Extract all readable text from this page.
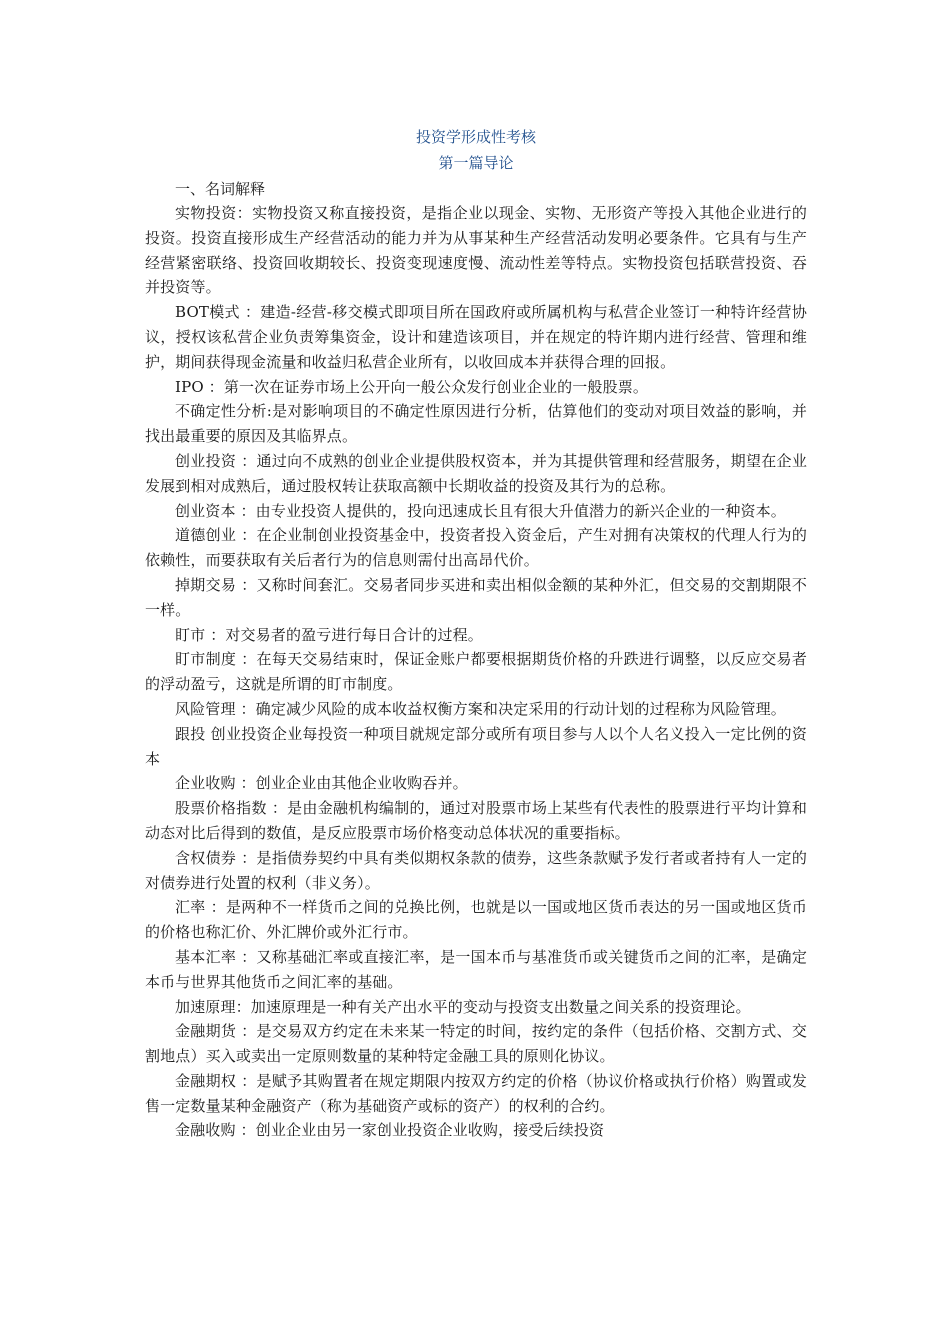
投资学形成性考核

第一篇导论

一、名词解释

实物投资：实物投资又称直接投资，是指企业以现金、实物、无形资产等投入其他企业进行的投资。投资直接形成生产经营活动的能力并为从事某种生产经营活动发明必要条件。它具有与生产经营紧密联络、投资回收期较长、投资变现速度慢、流动性差等特点。实物投资包括联营投资、吞并投资等。

BOT模式 ：建造-经营-移交模式即项目所在国政府或所属机构与私营企业签订一种特许经营协议，授权该私营企业负责筹集资金，设计和建造该项目，并在规定的特许期内进行经营、管理和维护，期间获得现金流量和收益归私营企业所有，以收回成本并获得合理的回报。

IPO ：第一次在证券市场上公开向一般公众发行创业企业的一般股票。

不确定性分析:是对影响项目的不确定性原因进行分析，估算他们的变动对项目效益的影响，并找出最重要的原因及其临界点。

创业投资 ：通过向不成熟的创业企业提供股权资本，并为其提供管理和经营服务，期望在企业发展到相对成熟后，通过股权转让获取高额中长期收益的投资及其行为的总称。

创业资本 ：由专业投资人提供的，投向迅速成长且有很大升值潜力的新兴企业的一种资本。

道德创业 ：在企业制创业投资基金中，投资者投入资金后，产生对拥有决策权的代理人行为的依赖性，而要获取有关后者行为的信息则需付出高昂代价。

掉期交易 ：又称时间套汇。交易者同步买进和卖出相似金额的某种外汇，但交易的交割期限不一样。

盯市 ：对交易者的盈亏进行每日合计的过程。

盯市制度 ：在每天交易结束时，保证金账户都要根据期货价格的升跌进行调整，以反应交易者的浮动盈亏，这就是所谓的盯市制度。

风险管理 ：确定减少风险的成本收益权衡方案和决定采用的行动计划的过程称为风险管理。

跟投 创业投资企业每投资一种项目就规定部分或所有项目参与人以个人名义投入一定比例的资本

企业收购 ：创业企业由其他企业收购吞并。

股票价格指数 ：是由金融机构编制的，通过对股票市场上某些有代表性的股票进行平均计算和动态对比后得到的数值，是反应股票市场价格变动总体状况的重要指标。

含权债券 ：是指债券契约中具有类似期权条款的债券，这些条款赋予发行者或者持有人一定的对债券进行处置的权利（非义务）。

汇率 ：是两种不一样货币之间的兑换比例，也就是以一国或地区货币表达的另一国或地区货币的价格也称汇价、外汇牌价或外汇行市。

基本汇率 ：又称基础汇率或直接汇率，是一国本币与基准货币或关键货币之间的汇率，是确定本币与世界其他货币之间汇率的基础。

加速原理：加速原理是一种有关产出水平的变动与投资支出数量之间关系的投资理论。

金融期货 ：是交易双方约定在未来某一特定的时间，按约定的条件（包括价格、交割方式、交割地点）买入或卖出一定原则数量的某种特定金融工具的原则化协议。

金融期权 ：是赋予其购置者在规定期限内按双方约定的价格（协议价格或执行价格）购置或发售一定数量某种金融资产（称为基础资产或标的资产）的权利的合约。

金融收购 ：创业企业由另一家创业投资企业收购，接受后续投资
